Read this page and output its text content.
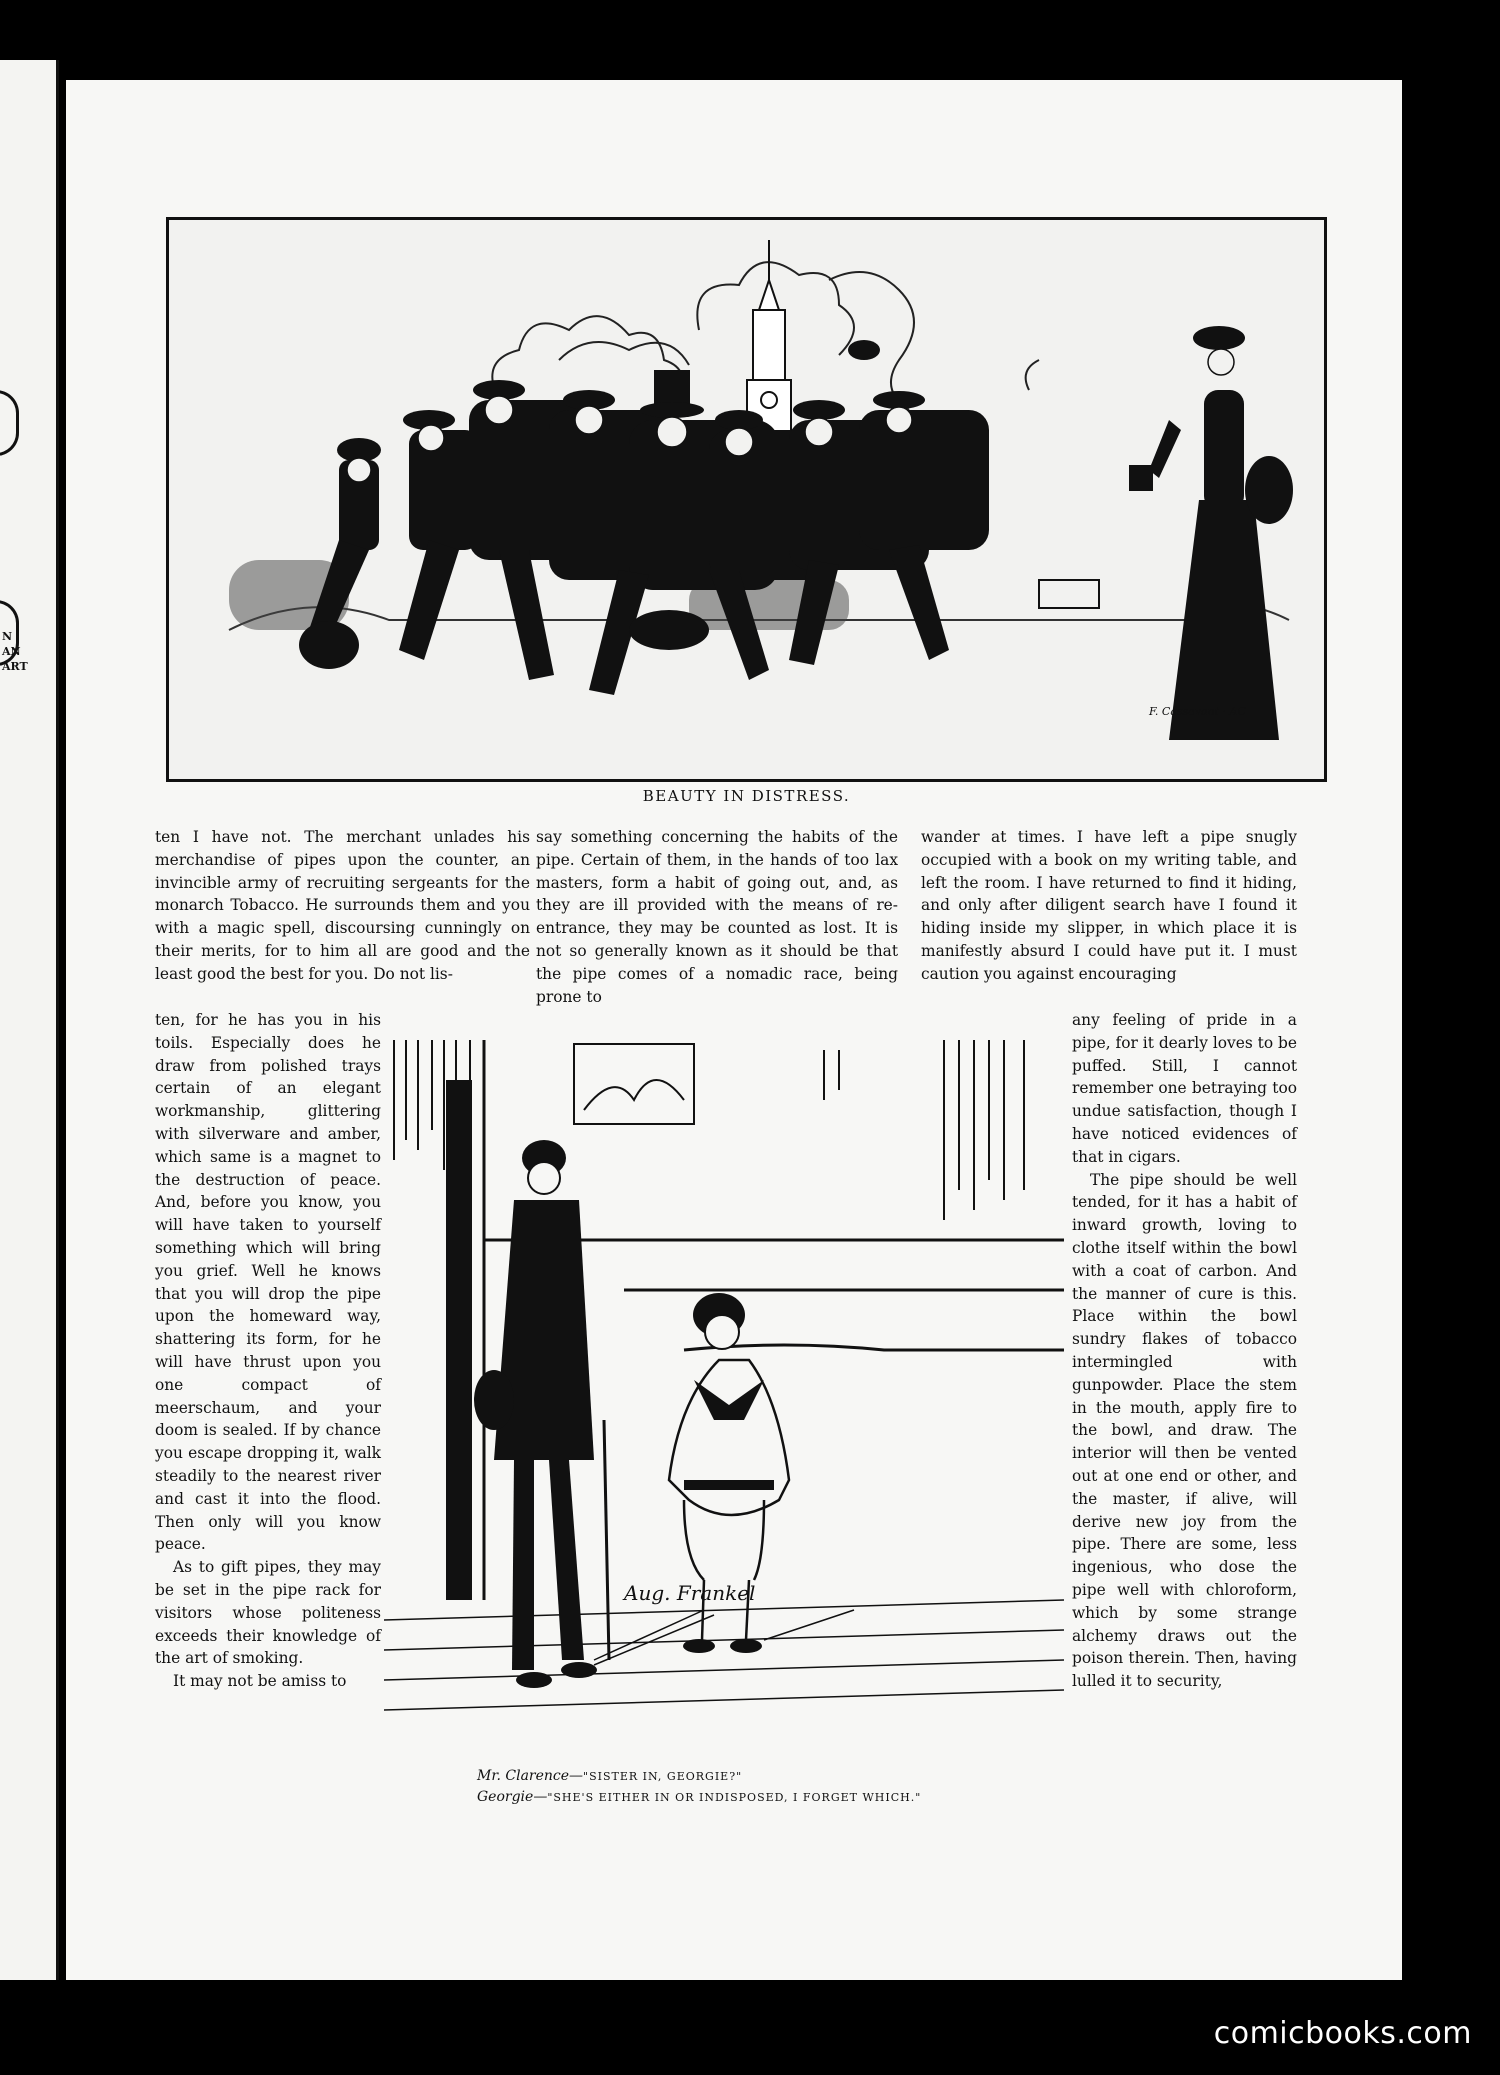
N
AN
ART
F. Cassavant · AC
BEAUTY IN DISTRESS.

ten I have not. The merchant unlades his merchandise of pipes upon the counter, an invincible army of recruiting sergeants for the monarch Tobacco. He surrounds them and you with a magic spell, discoursing cunningly on their merits, for to him all are good and the least good the best for you. Do not lis-

say something concerning the habits of the pipe. Certain of them, in the hands of too lax masters, form a habit of going out, and, as they are ill provided with the means of re-entrance, they may be counted as lost. It is not so generally known as it should be that the pipe comes of a nomadic race, being prone to

wander at times. I have left a pipe snugly occupied with a book on my writing table, and left the room. I have returned to find it hiding, and only after diligent search have I found it hiding inside my slipper, in which place it is manifestly absurd I could have put it. I must caution you against encouraging

ten, for he has you in his toils. Especially does he draw from polished trays certain of an elegant workmanship, glittering with silverware and amber, which same is a magnet to the destruction of peace. And, before you know, you will have taken to yourself something which will bring you grief. Well he knows that you will drop the pipe upon the homeward way, shattering its form, for he will have thrust upon you one compact of meerschaum, and your doom is sealed. If by chance you escape dropping it, walk steadily to the nearest river and cast it into the flood. Then only will you know peace.

As to gift pipes, they may be set in the pipe rack for visitors whose politeness exceeds their knowledge of the art of smoking.

It may not be amiss to

Aug. Frankel
Mr. Clarence—"SISTER IN, GEORGIE?"
Georgie—"SHE'S EITHER IN OR INDISPOSED, I FORGET WHICH."

any feeling of pride in a pipe, for it dearly loves to be puffed. Still, I cannot remember one betraying too undue satisfaction, though I have noticed evidences of that in cigars.

The pipe should be well tended, for it has a habit of inward growth, loving to clothe itself within the bowl with a coat of carbon. And the manner of cure is this. Place within the bowl sundry flakes of tobacco intermingled with gunpowder. Place the stem in the mouth, apply fire to the bowl, and draw. The interior will then be vented out at one end or other, and the master, if alive, will derive new joy from the pipe. There are some, less ingenious, who dose the pipe well with chloroform, which by some strange alchemy draws out the poison therein. Then, having lulled it to security,

comicbooks.com
